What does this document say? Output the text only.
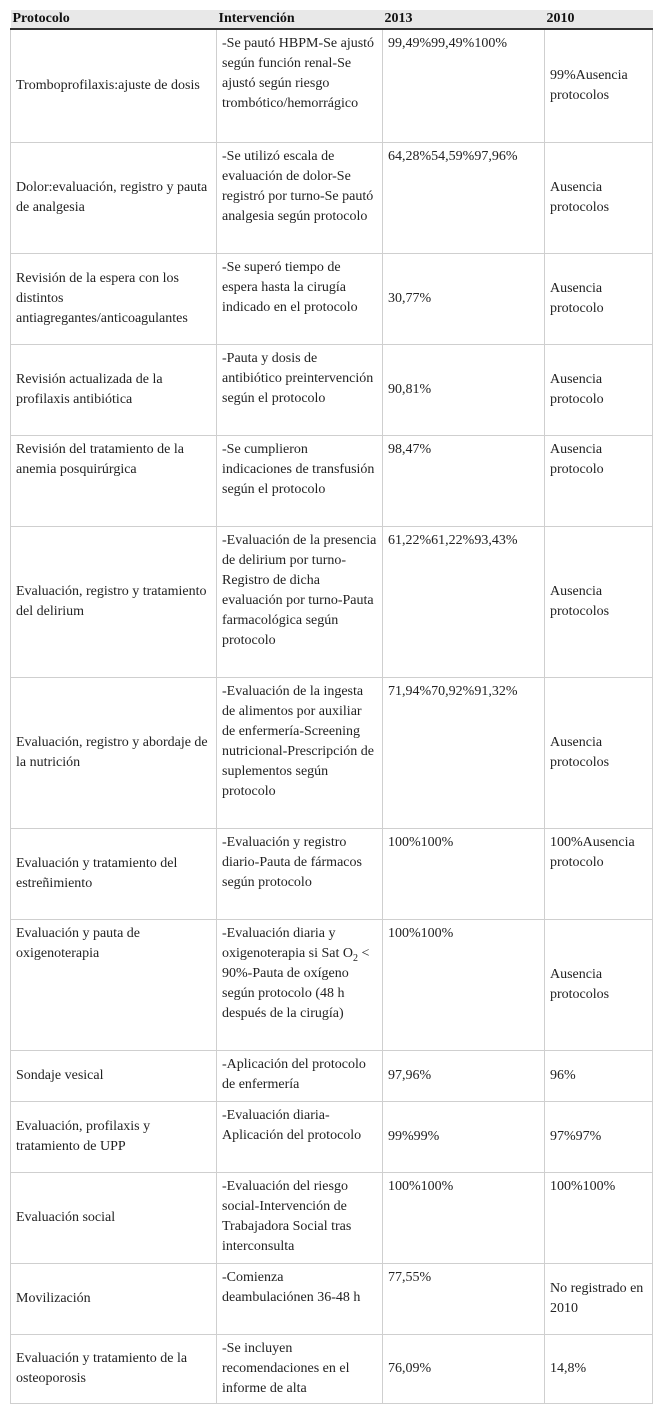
Protocolo	Intervención	2013	2010
Tromboprofilaxis:ajuste de dosis	-Se pautó HBPM-Se ajustó según función renal-Se ajustó según riesgo trombótico/hemorrágico	99,49%99,49%100%	99%Ausencia protocolos
Dolor:evaluación, registro y pauta de analgesia	-Se utilizó escala de evaluación de dolor-Se registró por turno-Se pautó analgesia según protocolo	64,28%54,59%97,96%	Ausencia protocolos
Revisión de la espera con los distintos antiagregantes/anticoagulantes	-Se superó tiempo de espera hasta la cirugía indicado en el protocolo	30,77%	Ausencia protocolo
Revisión actualizada de la profilaxis antibiótica	-Pauta y dosis de antibiótico preintervención según el protocolo	90,81%	Ausencia protocolo
Revisión del tratamiento de la anemia posquirúrgica	-Se cumplieron indicaciones de transfusión según el protocolo	98,47%	Ausencia protocolo
Evaluación, registro y tratamiento del delirium	-Evaluación de la presencia de delirium por turno-Registro de dicha evaluación por turno-Pauta farmacológica según protocolo	61,22%61,22%93,43%	Ausencia protocolos
Evaluación, registro y abordaje de la nutrición	-Evaluación de la ingesta de alimentos por auxiliar de enfermería-Screening nutricional-Prescripción de suplementos según protocolo	71,94%70,92%91,32%	Ausencia protocolos
Evaluación y tratamiento del estreñimiento	-Evaluación y registro diario-Pauta de fármacos según protocolo	100%100%	100%Ausencia protocolo
Evaluación y pauta de oxigenoterapia	-Evaluación diaria y oxigenoterapia si Sat $O_2$ < 90%-Pauta de oxígeno según protocolo (48 h después de la cirugía)	100%100%	Ausencia protocolos
Sondaje vesical	-Aplicación del protocolo de enfermería	97,96%	96%
Evaluación, profilaxis y tratamiento de UPP	-Evaluación diaria-Aplicación del protocolo	99%99%	97%97%
Evaluación social	-Evaluación del riesgo social-Intervención de Trabajadora Social tras interconsulta	100%100%	100%100%
Movilización	-Comienza deambulaciónen 36-48 h	77,55%	No registrado en 2010
Evaluación y tratamiento de la osteoporosis	-Se incluyen recomendaciones en el informe de alta	76,09%	14,8%
